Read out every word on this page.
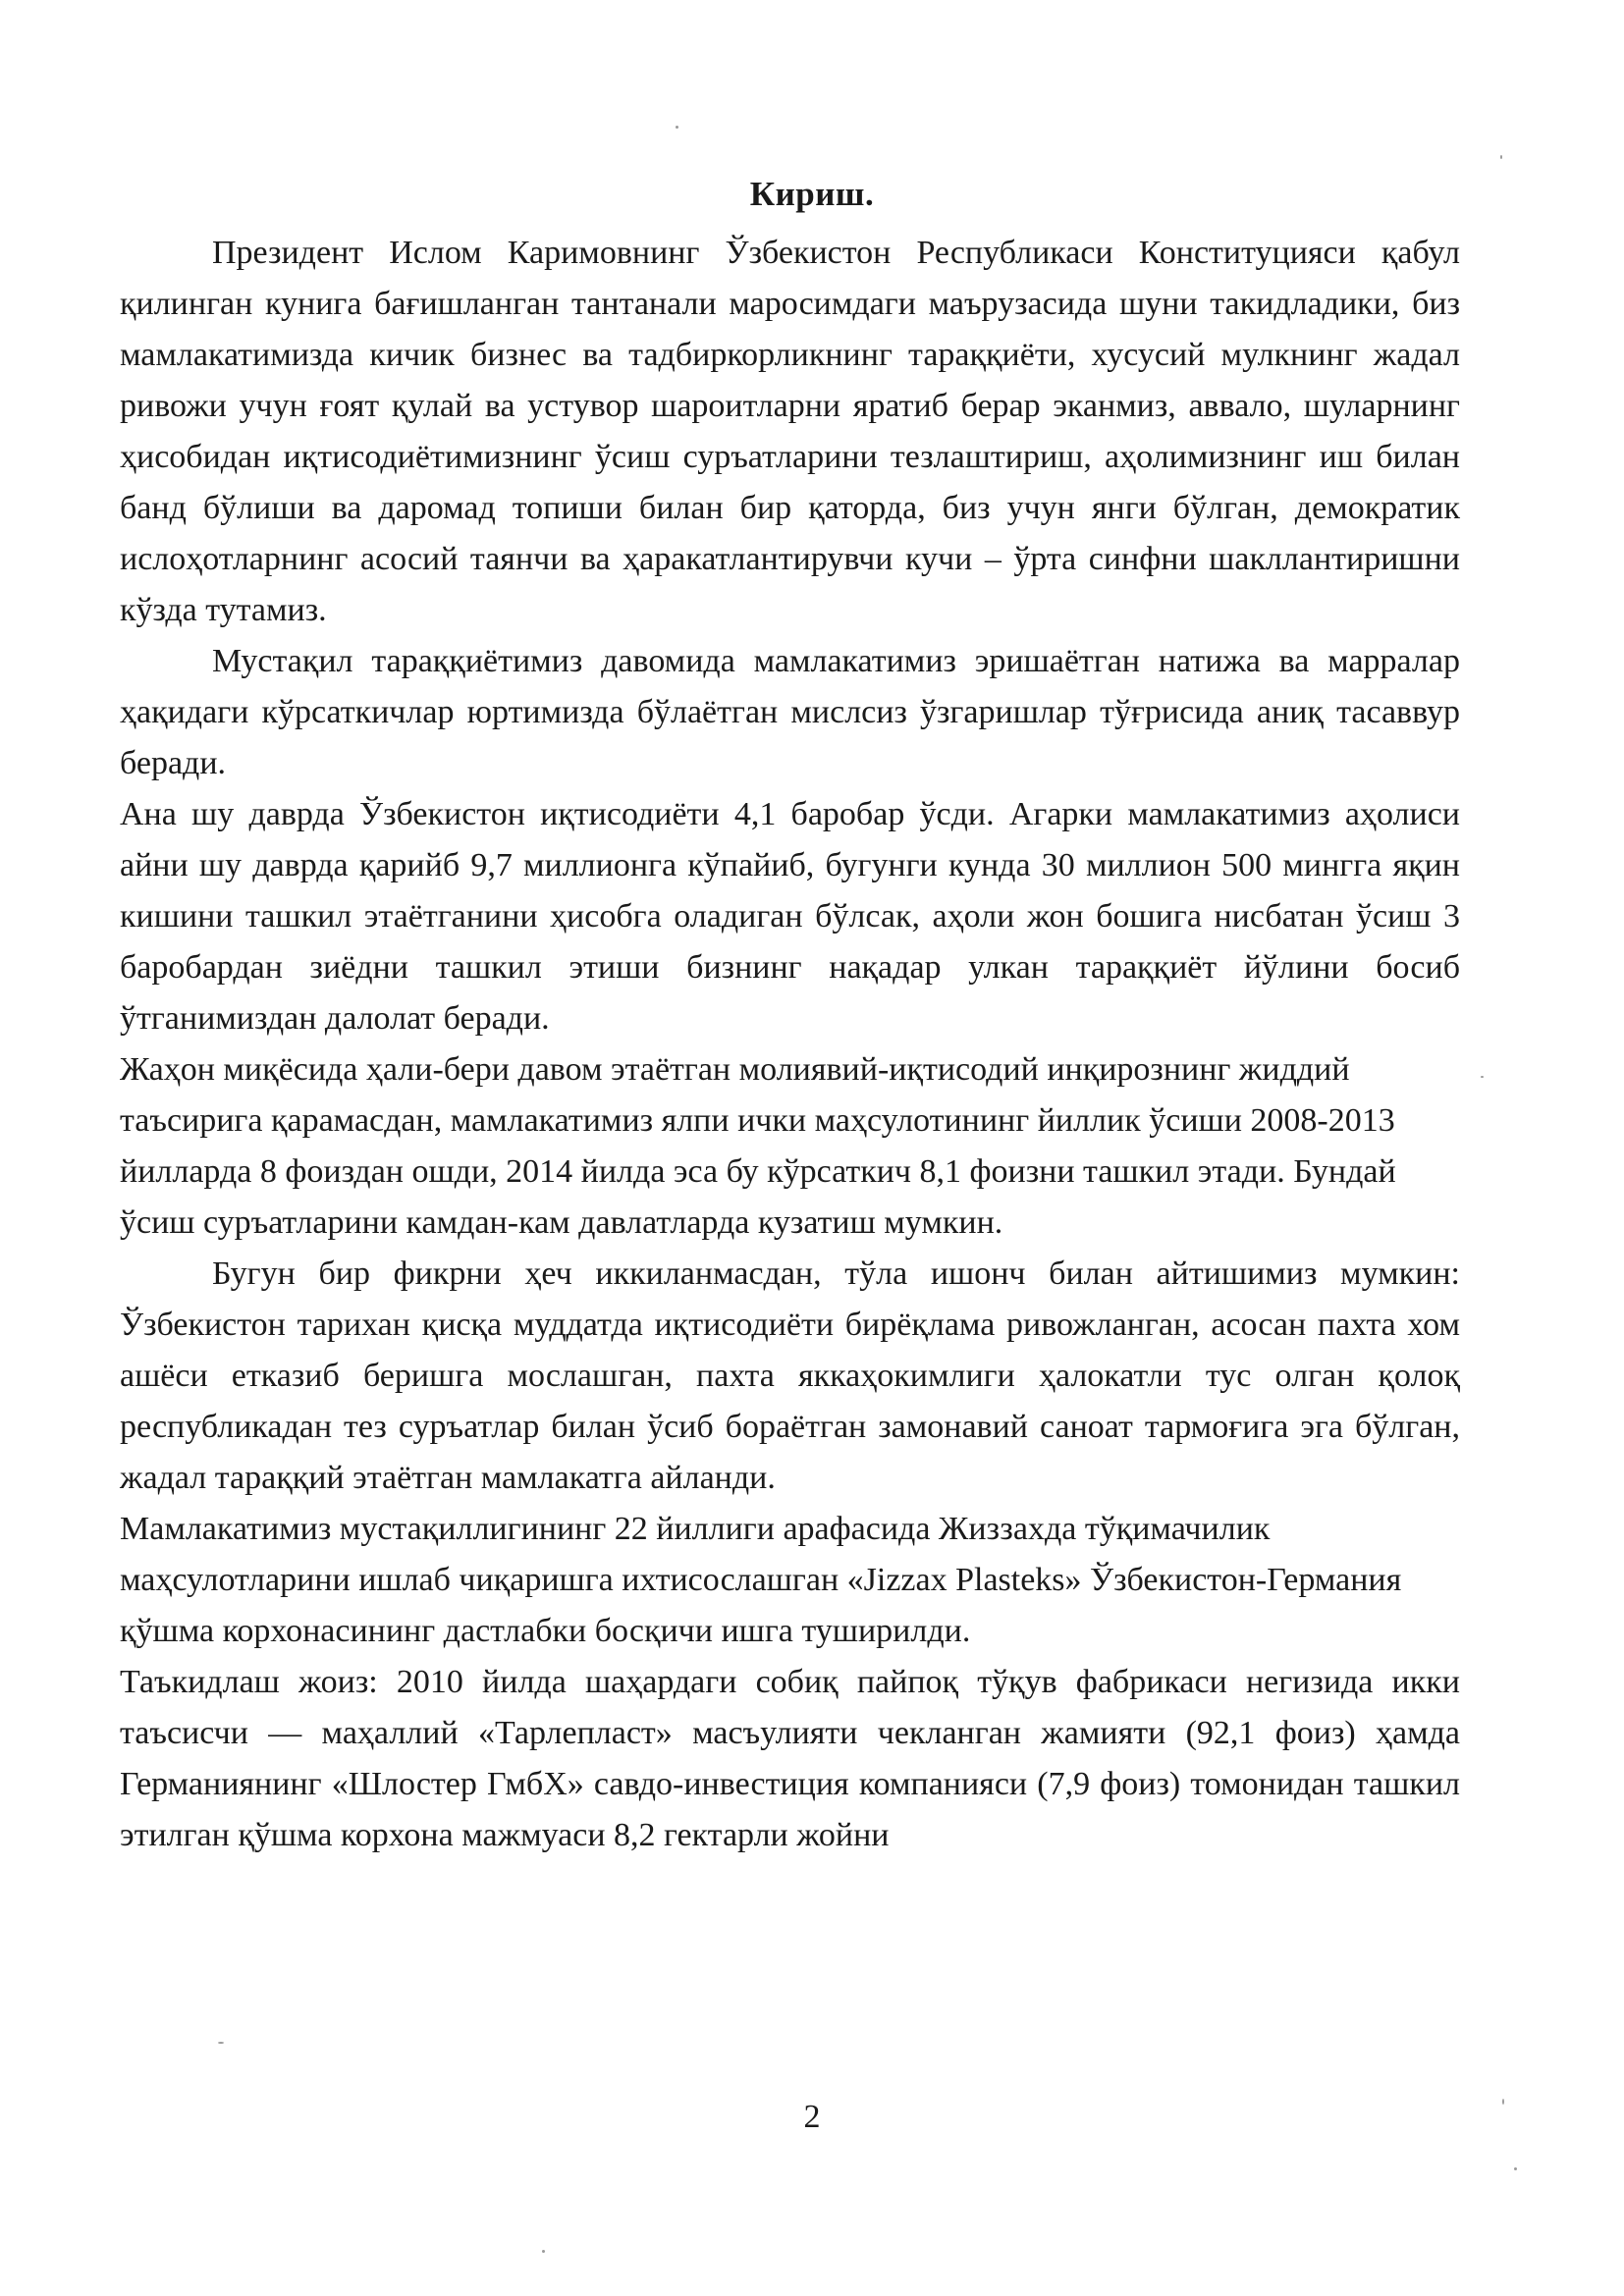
Кириш.

Президент Ислом Каримовнинг Ўзбекистон Республикаси Конституцияси қабул қилинган кунига бағишланган тантанали маросимдаги маърузасида шуни такидладики, биз мамлакатимизда кичик бизнес ва тадбиркорликнинг тараққиёти, хусусий мулкнинг жадал ривожи учун ғоят қулай ва устувор шароитларни яратиб берар эканмиз, аввало, шуларнинг ҳисобидан иқтисодиётимизнинг ўсиш суръатларини тезлаштириш, аҳолимизнинг иш билан банд бўлиши ва даромад топиши билан бир қаторда, биз учун янги бўлган, демократик ислоҳотларнинг асосий таянчи ва ҳаракатлантирувчи кучи – ўрта синфни шакллантиришни кўзда тутамиз.

Мустақил тараққиётимиз давомида мамлакатимиз эришаётган натижа ва марралар ҳақидаги кўрсаткичлар юртимизда бўлаётган мислсиз ўзгаришлар тўғрисида аниқ тасаввур беради.

Ана шу даврда Ўзбекистон иқтисодиёти 4,1 баробар ўсди. Агарки мамлакатимиз аҳолиси айни шу даврда қарийб 9,7 миллионга кўпайиб, бугунги кунда 30 миллион 500 мингга яқин кишини ташкил этаётганини ҳисобга оладиган бўлсак, аҳоли жон бошига нисбатан ўсиш 3 баробардан зиёдни ташкил этиши бизнинг нақадар улкан тараққиёт йўлини босиб ўтганимиздан далолат беради.

Жаҳон миқёсида ҳали-бери давом этаётган молиявий-иқтисодий инқирознинг жиддий таъсирига қарамасдан, мамлакатимиз ялпи ички маҳсулотининг йиллик ўсиши 2008-2013 йилларда 8 фоиздан ошди, 2014 йилда эса бу кўрсаткич 8,1 фоизни ташкил этади. Бундай ўсиш суръатларини камдан-кам давлатларда кузатиш мумкин.

Бугун бир фикрни ҳеч иккиланмасдан, тўла ишонч билан айтишимиз мумкин: Ўзбекистон тарихан қисқа муддатда иқтисодиёти бирёқлама ривожланган, асосан пахта хом ашёси етказиб беришга мослашган, пахта яккаҳокимлиги ҳалокатли тус олган қолоқ республикадан тез суръатлар билан ўсиб бораётган замонавий саноат тармоғига эга бўлган, жадал тараққий этаётган мамлакатга айланди.

Мамлакатимиз мустақиллигининг 22 йиллиги арафасида Жиззахда тўқимачилик маҳсулотларини ишлаб чиқаришга ихтисослашган «Jizzax Plasteks» Ўзбекистон-Германия қўшма корхонасининг дастлабки босқичи ишга туширилди.

Таъкидлаш жоиз: 2010 йилда шаҳардаги собиқ пайпоқ тўқув фабрикаси негизида икки таъсисчи — маҳаллий «Тарлепласт» масъулияти чекланган жамияти (92,1 фоиз) ҳамда Германиянинг «Шлостер ГмбХ» савдо-инвестиция компанияси (7,9 фоиз) томонидан ташкил этилган қўшма корхона мажмуаси 8,2 гектарли жойни

2
